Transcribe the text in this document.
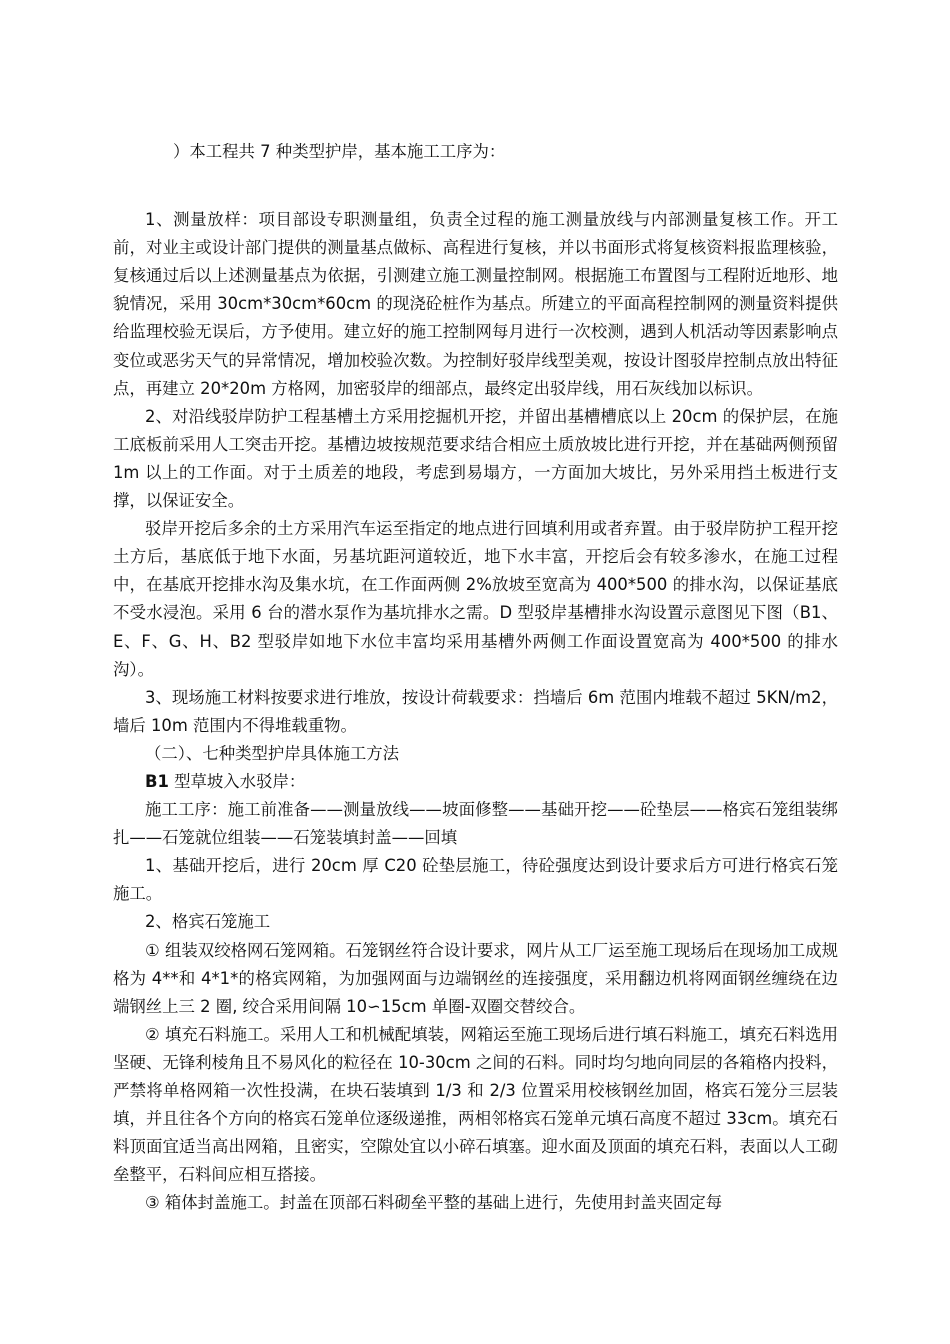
）本工程共 7 种类型护岸，基本施工工序为：

1、测量放样：项目部设专职测量组，负责全过程的施工测量放线与内部测量复核工作。开工前，对业主或设计部门提供的测量基点做标、高程进行复核，并以书面形式将复核资料报监理核验，复核通过后以上述测量基点为依据，引测建立施工测量控制网。根据施工布置图与工程附近地形、地貌情况，采用 30cm*30cm*60cm 的现浇砼桩作为基点。所建立的平面高程控制网的测量资料提供给监理校验无误后，方予使用。建立好的施工控制网每月进行一次校测，遇到人机活动等因素影响点变位或恶劣天气的异常情况，增加校验次数。为控制好驳岸线型美观，按设计图驳岸控制点放出特征点，再建立 20*20m 方格网，加密驳岸的细部点，最终定出驳岸线，用石灰线加以标识。

2、对沿线驳岸防护工程基槽土方采用挖掘机开挖，并留出基槽槽底以上 20cm 的保护层，在施工底板前采用人工突击开挖。基槽边坡按规范要求结合相应土质放坡比进行开挖，并在基础两侧预留 1m 以上的工作面。对于土质差的地段，考虑到易塌方，一方面加大坡比，另外采用挡土板进行支撑，以保证安全。

驳岸开挖后多余的土方采用汽车运至指定的地点进行回填利用或者弃置。由于驳岸防护工程开挖土方后，基底低于地下水面，另基坑距河道较近，地下水丰富，开挖后会有较多渗水，在施工过程中，在基底开挖排水沟及集水坑，在工作面两侧 2%放坡至宽高为 400*500 的排水沟，以保证基底不受水浸泡。采用 6 台的潜水泵作为基坑排水之需。D 型驳岸基槽排水沟设置示意图见下图（B1、E、F、G、H、B2 型驳岸如地下水位丰富均采用基槽外两侧工作面设置宽高为 400*500 的排水沟）。

3、现场施工材料按要求进行堆放，按设计荷载要求：挡墙后 6m 范围内堆载不超过 5KN/m2，墙后 10m 范围内不得堆载重物。

（二）、七种类型护岸具体施工方法

B1 型草坡入水驳岸：

施工工序：施工前准备——测量放线——坡面修整——基础开挖——砼垫层——格宾石笼组装绑扎——石笼就位组装——石笼装填封盖——回填

1、基础开挖后，进行 20cm 厚 C20 砼垫层施工，待砼强度达到设计要求后方可进行格宾石笼施工。

2、格宾石笼施工

① 组装双绞格网石笼网箱。石笼钢丝符合设计要求，网片从工厂运至施工现场后在现场加工成规格为 4**和 4*1*的格宾网箱，为加强网面与边端钢丝的连接强度，采用翻边机将网面钢丝缠绕在边端钢丝上三 2 圈, 绞合采用间隔 10∽15cm 单圈-双圈交替绞合。

② 填充石料施工。采用人工和机械配填装，网箱运至施工现场后进行填石料施工，填充石料选用坚硬、无锋利棱角且不易风化的粒径在 10-30cm 之间的石料。同时均匀地向同层的各箱格内投料，严禁将单格网箱一次性投满，在块石装填到 1/3 和 2/3 位置采用校核钢丝加固，格宾石笼分三层装填，并且往各个方向的格宾石笼单位逐级递推，两相邻格宾石笼单元填石高度不超过 33cm。填充石料顶面宜适当高出网箱，且密实，空隙处宜以小碎石填塞。迎水面及顶面的填充石料，表面以人工砌垒整平，石料间应相互搭接。

③ 箱体封盖施工。封盖在顶部石料砌垒平整的基础上进行，先使用封盖夹固定每
